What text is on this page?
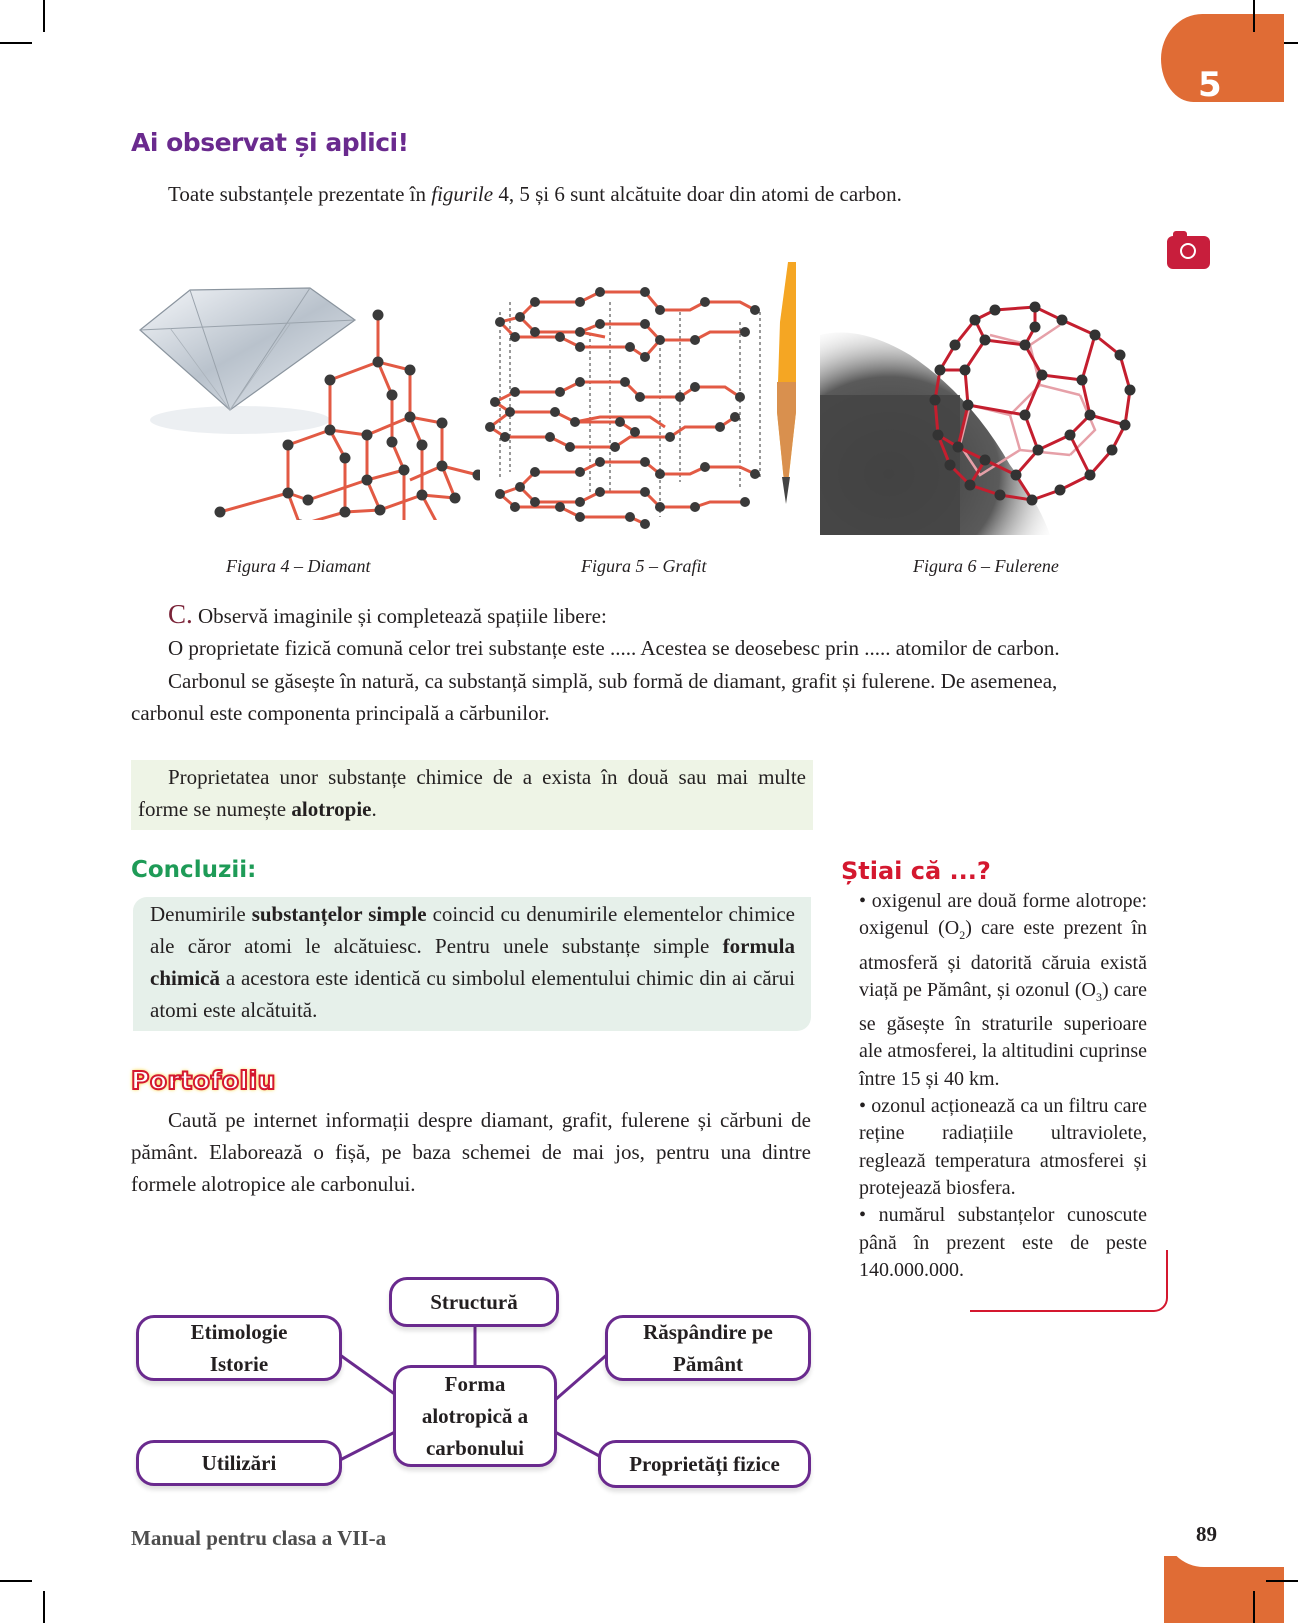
5
Ai observat și aplici!
Toate substanțele prezentate în figurile 4, 5 și 6 sunt alcătuite doar din atomi de carbon.
Figura 4 – Diamant	Figura 5 – Grafit	Figura 6 – Fulerene
C. Observă imaginile și completează spațiile libere:
O proprietate fizică comună celor trei substanțe este ..... Acestea se deosebesc prin ..... atomilor de carbon.
Carbonul se găsește în natură, ca substanță simplă, sub formă de diamant, grafit și fulerene. De asemenea,
carbonul este componenta principală a cărbunilor.
Proprietatea unor substanțe chimice de a exista în două sau mai multe forme se numește alotropie.
Concluzii:
Denumirile substanțelor simple coincid cu denumirile elementelor chimice ale căror atomi le alcătuiesc. Pentru unele substanțe simple formula chimică a acestora este identică cu simbolul elementului chimic din ai cărui atomi este alcătuită.
Portofoliu
Caută pe internet informații despre diamant, grafit, fulerene și cărbuni de pământ. Elaborează o fișă, pe baza schemei de mai jos, pentru una dintre formele alotropice ale carbonului.
Structură
Etimologie Istorie
Răspândire pe Pământ
Forma alotropică a carbonului
Utilizări	Proprietăți fizice
Știai că ...?
• oxigenul are două forme alotrope: oxigenul $(O_2)$ care este prezent în atmosferă și datorită căruia există viață pe Pământ, și ozonul $(O_3)$ care se găsește în straturile superioare ale atmosferei, la altitudini cuprinse între 15 și 40 km.
• ozonul acționează ca un filtru care reține radiațiile ultraviolete, reglează temperatura atmosferei și protejează biosfera.
• numărul substanțelor cunoscute până în prezent este de peste 140.000.000.
Manual pentru clasa a VII-a	89
